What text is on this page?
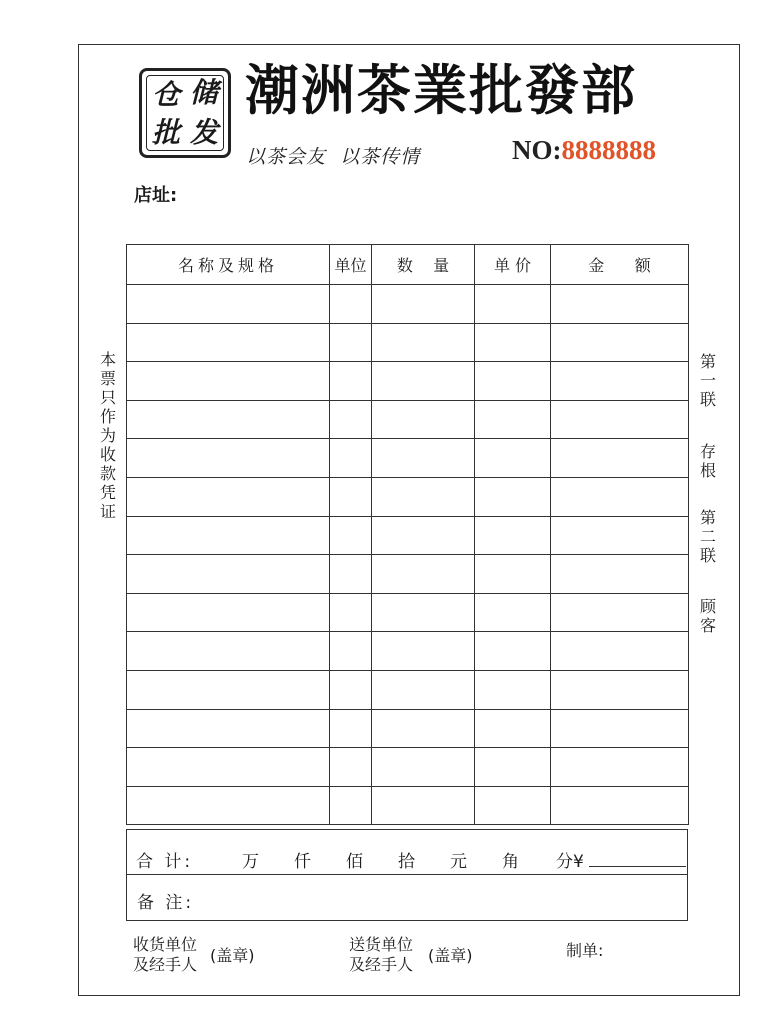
仓 储
批 发
潮洲茶業批發部
以茶会友  以茶传情	NO:8888888
店址:
本票只作为收款凭证
第一联
存根
第二联
顾客
名称及规格	单位	数    量	单 价	金      额

合 计:	万 仟 佰 拾 元 角 分¥
备 注:
收货单位
及经手人 (盖章)
送货单位
及经手人 (盖章)	制单:
